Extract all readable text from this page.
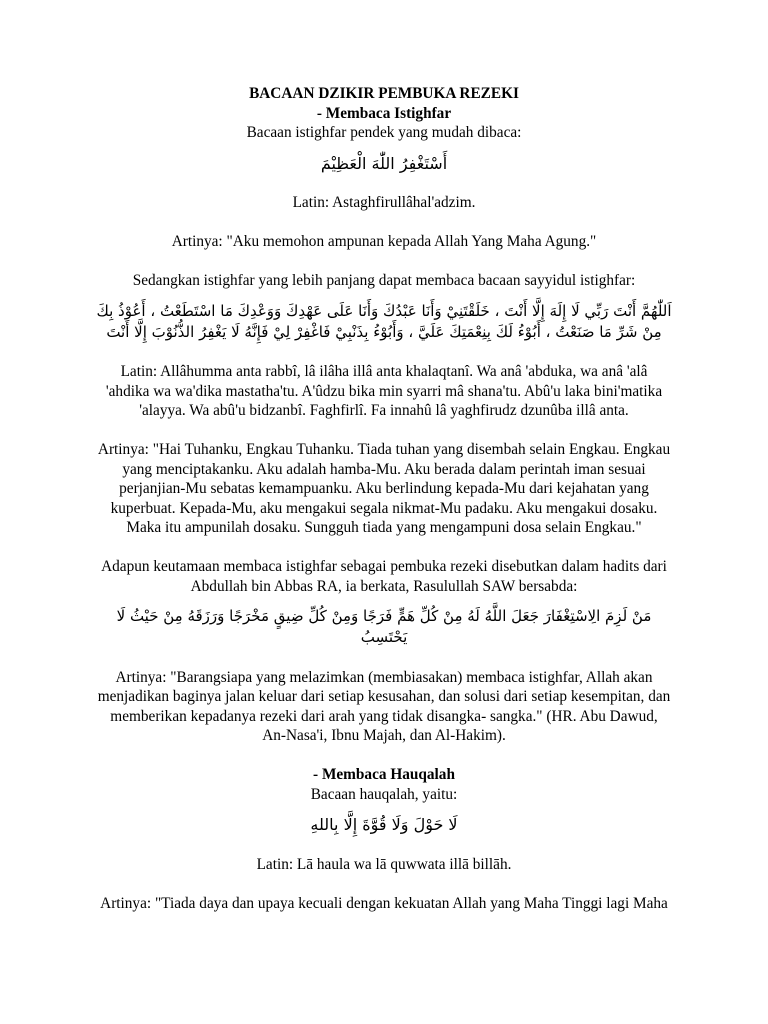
BACAAN DZIKIR PEMBUKA REZEKI

- Membaca Istighfar

Bacaan istighfar pendek yang mudah dibaca:

أَسْتَغْفِرُ اللّٰهَ الْعَظِيْمَ

Latin: Astaghfirullâhal'adzim.

Artinya: "Aku memohon ampunan kepada Allah Yang Maha Agung."

Sedangkan istighfar yang lebih panjang dapat membaca bacaan sayyidul istighfar:

اَللّٰهُمَّ أَنْتَ رَبِّي لَا إِلَهَ إِلَّا أَنْتَ ، خَلَقْتَنِيْ وَأَنَا عَبْدُكَ وَأَنَا عَلَى عَهْدِكَ وَوَعْدِكَ مَا اسْتَطَعْتُ ، أَعُوْذُ بِكَ

مِنْ شَرِّ مَا صَنَعْتُ ، أَبُوْءُ لَكَ بِنِعْمَتِكَ عَلَيَّ ، وَأَبُوْءُ بِذَنْبِيْ فَاغْفِرْ لِيْ فَإِنَّهُ لَا يَغْفِرُ الذُّنُوْبَ إِلَّا أَنْتَ

Latin: Allâhumma anta rabbî, lâ ilâha illâ anta khalaqtanî. Wa anâ 'abduka, wa anâ 'alâ

'ahdika wa wa'dika mastatha'tu. A'ûdzu bika min syarri mâ shana'tu. Abû'u laka bini'matika

'alayya. Wa abû'u bidzanbî. Faghfirlî. Fa innahû lâ yaghfirudz dzunûba illâ anta.

Artinya: "Hai Tuhanku, Engkau Tuhanku. Tiada tuhan yang disembah selain Engkau. Engkau

yang menciptakanku. Aku adalah hamba-Mu. Aku berada dalam perintah iman sesuai

perjanjian-Mu sebatas kemampuanku. Aku berlindung kepada-Mu dari kejahatan yang

kuperbuat. Kepada-Mu, aku mengakui segala nikmat-Mu padaku. Aku mengakui dosaku.

Maka itu ampunilah dosaku. Sungguh tiada yang mengampuni dosa selain Engkau."

Adapun keutamaan membaca istighfar sebagai pembuka rezeki disebutkan dalam hadits dari

Abdullah bin Abbas RA, ia berkata, Rasulullah SAW bersabda:

مَنْ لَزِمَ الِاسْتِغْفَارَ جَعَلَ اللَّهُ لَهُ مِنْ كُلِّ هَمٍّ فَرَجًا وَمِنْ كُلِّ ضِيقٍ مَخْرَجًا وَرَزَقَهُ مِنْ حَيْثُ لَا

يَحْتَسِبُ

Artinya: "Barangsiapa yang melazimkan (membiasakan) membaca istighfar, Allah akan

menjadikan baginya jalan keluar dari setiap kesusahan, dan solusi dari setiap kesempitan, dan

memberikan kepadanya rezeki dari arah yang tidak disangka- sangka." (HR. Abu Dawud,

An-Nasa'i, Ibnu Majah, dan Al-Hakim).

- Membaca Hauqalah

Bacaan hauqalah, yaitu:

لَا حَوْلَ وَلَا قُوَّةَ إِلَّا بِاللهِ

Latin: Lā haula wa lā quwwata illā billāh.

Artinya: "Tiada daya dan upaya kecuali dengan kekuatan Allah yang Maha Tinggi lagi Maha
